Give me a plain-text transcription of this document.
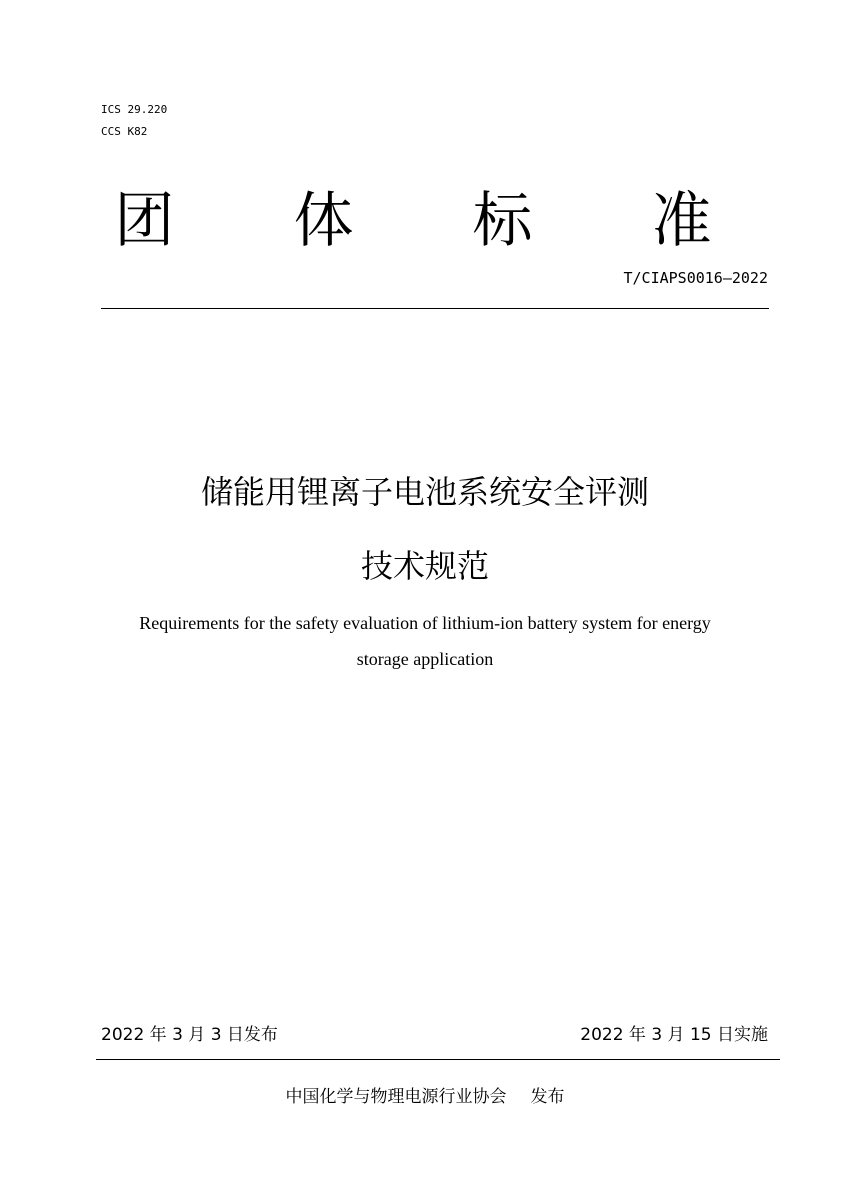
ICS 29.220

CCS K82

团 体 标 准

T/CIAPS0016—2022

储能用锂离子电池系统安全评测
技术规范

Requirements for the safety evaluation of lithium-ion battery system for energy

storage application

2022 年 3 月 3 日发布	2022 年 3 月 15 日实施

中国化学与物理电源行业协会 发布
